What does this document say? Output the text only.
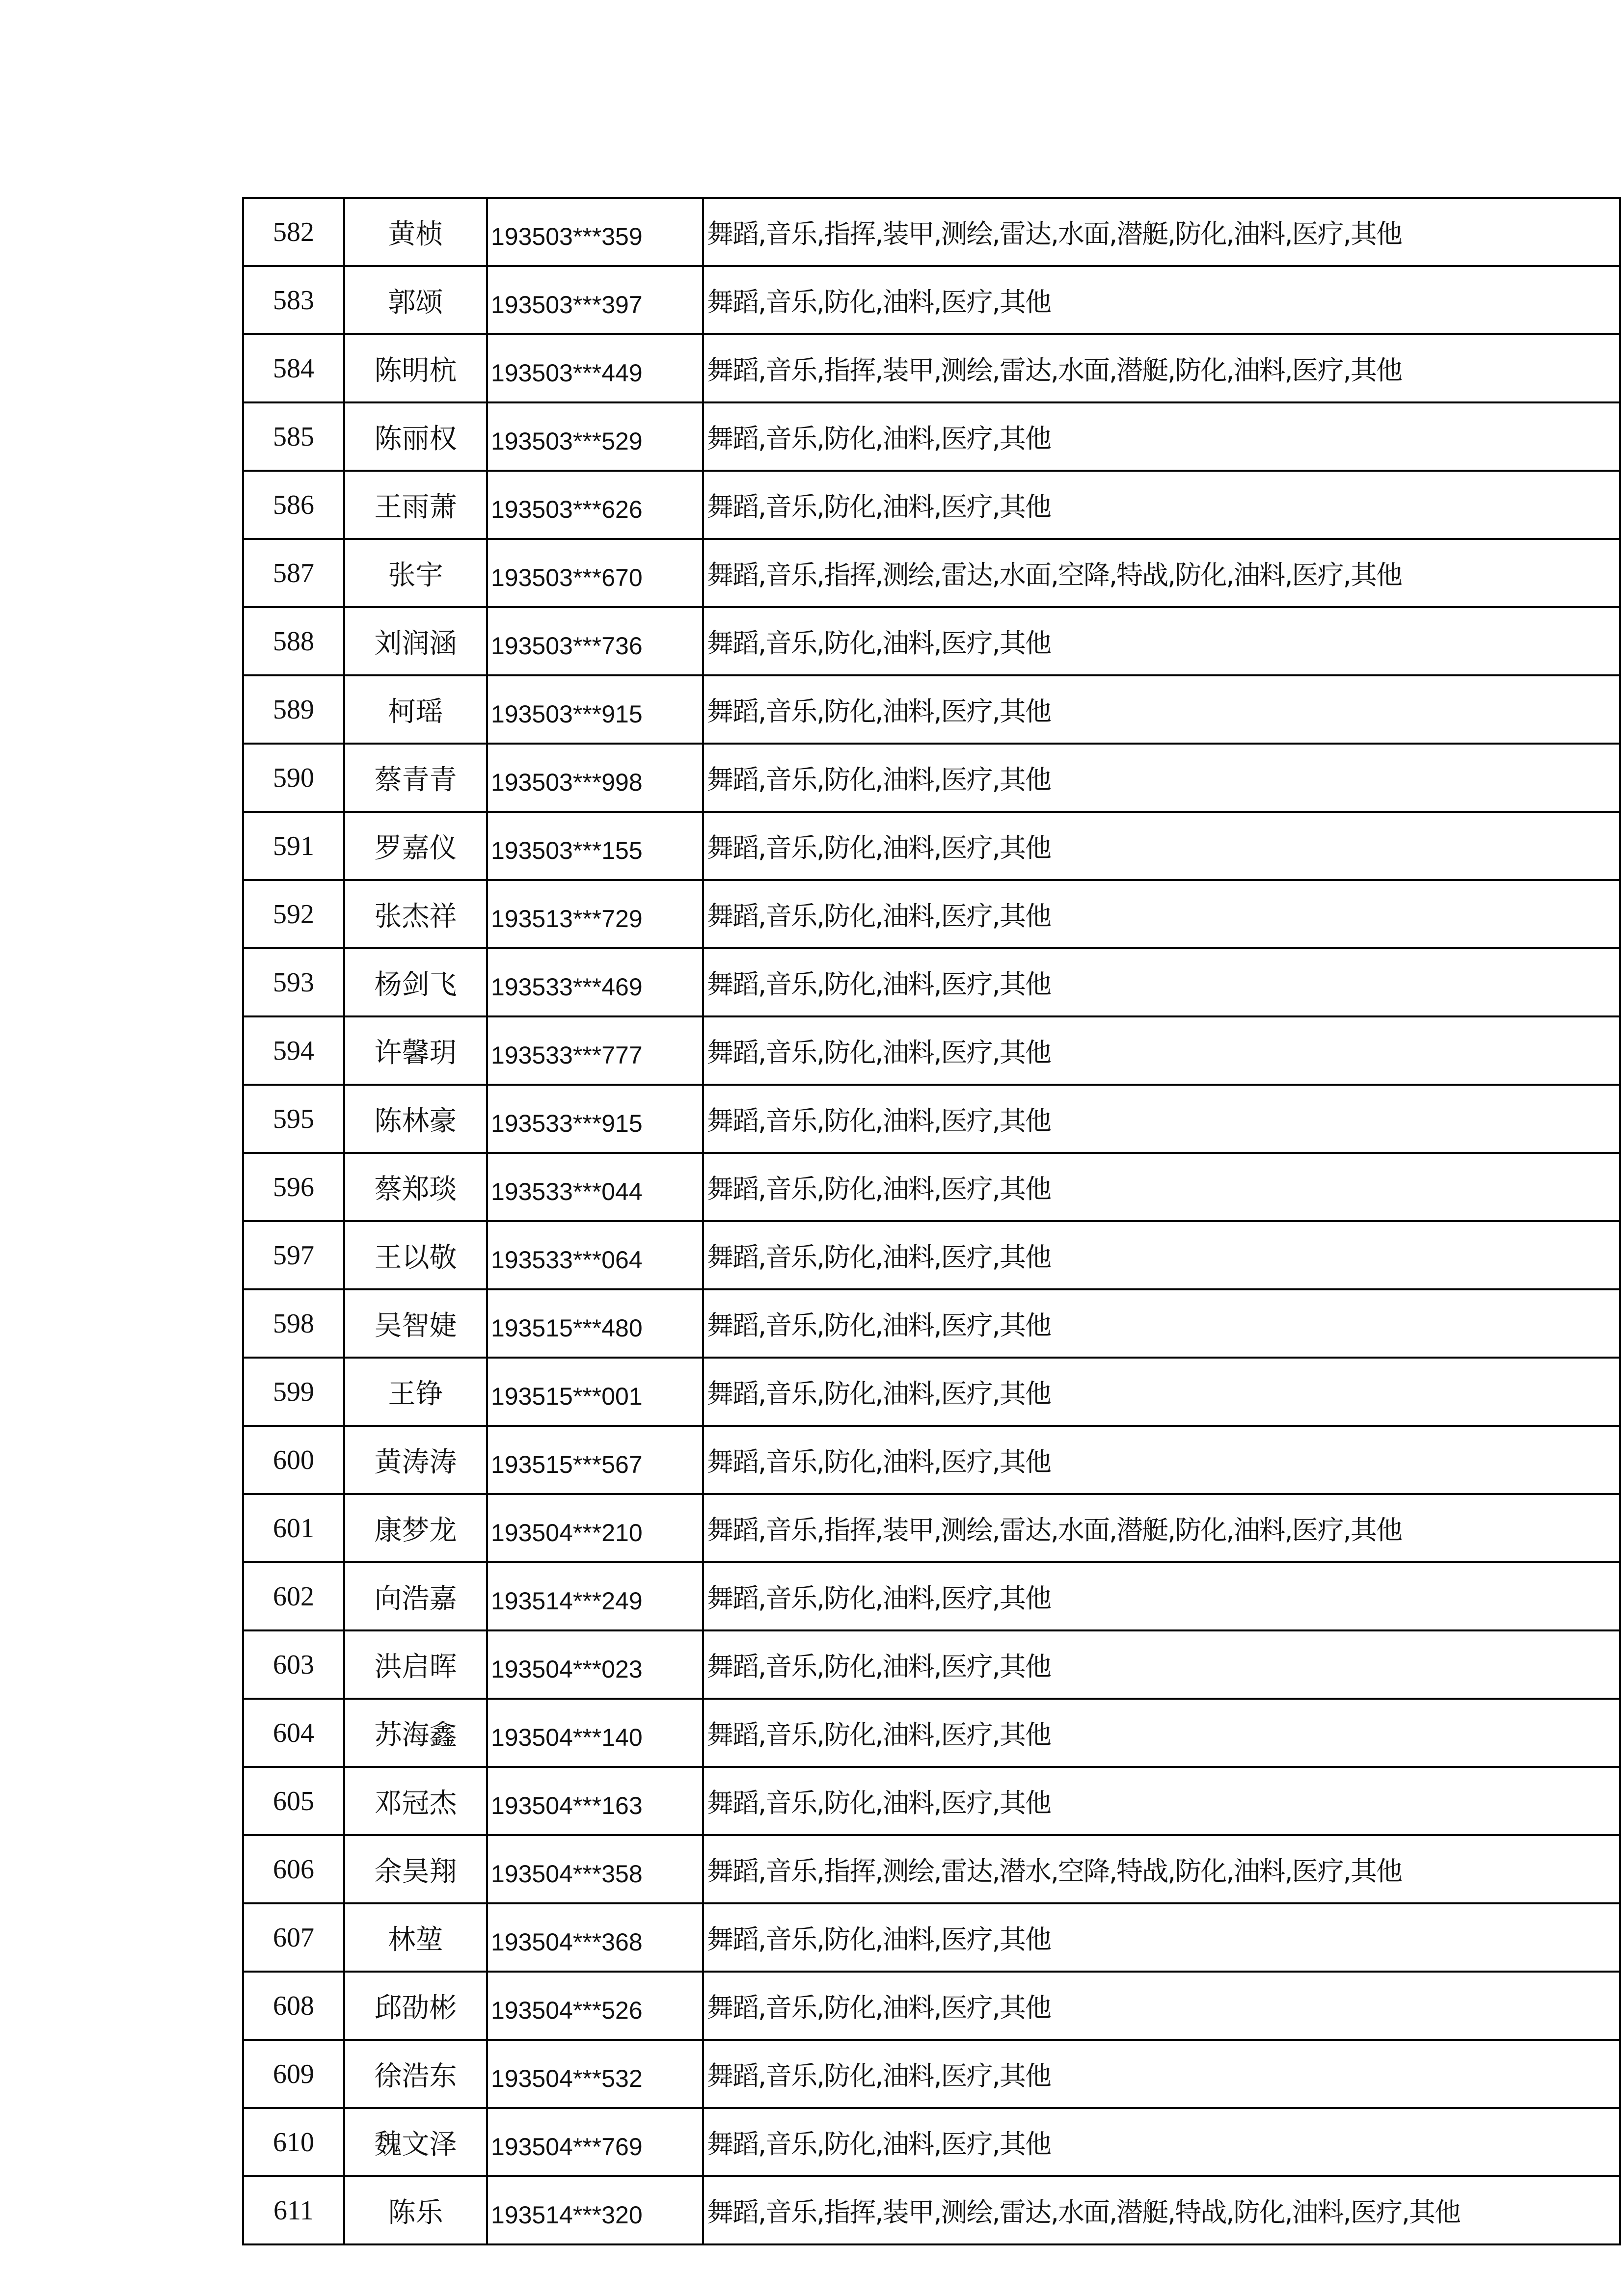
582	黄桢	193503***359	舞蹈,音乐,指挥,装甲,测绘,雷达,水面,潜艇,防化,油料,医疗,其他
583	郭颂	193503***397	舞蹈,音乐,防化,油料,医疗,其他
584	陈明杭	193503***449	舞蹈,音乐,指挥,装甲,测绘,雷达,水面,潜艇,防化,油料,医疗,其他
585	陈丽权	193503***529	舞蹈,音乐,防化,油料,医疗,其他
586	王雨萧	193503***626	舞蹈,音乐,防化,油料,医疗,其他
587	张宇	193503***670	舞蹈,音乐,指挥,测绘,雷达,水面,空降,特战,防化,油料,医疗,其他
588	刘润涵	193503***736	舞蹈,音乐,防化,油料,医疗,其他
589	柯瑶	193503***915	舞蹈,音乐,防化,油料,医疗,其他
590	蔡青青	193503***998	舞蹈,音乐,防化,油料,医疗,其他
591	罗嘉仪	193503***155	舞蹈,音乐,防化,油料,医疗,其他
592	张杰祥	193513***729	舞蹈,音乐,防化,油料,医疗,其他
593	杨剑飞	193533***469	舞蹈,音乐,防化,油料,医疗,其他
594	许馨玥	193533***777	舞蹈,音乐,防化,油料,医疗,其他
595	陈林豪	193533***915	舞蹈,音乐,防化,油料,医疗,其他
596	蔡郑琰	193533***044	舞蹈,音乐,防化,油料,医疗,其他
597	王以敬	193533***064	舞蹈,音乐,防化,油料,医疗,其他
598	吴智婕	193515***480	舞蹈,音乐,防化,油料,医疗,其他
599	王铮	193515***001	舞蹈,音乐,防化,油料,医疗,其他
600	黄涛涛	193515***567	舞蹈,音乐,防化,油料,医疗,其他
601	康梦龙	193504***210	舞蹈,音乐,指挥,装甲,测绘,雷达,水面,潜艇,防化,油料,医疗,其他
602	向浩嘉	193514***249	舞蹈,音乐,防化,油料,医疗,其他
603	洪启晖	193504***023	舞蹈,音乐,防化,油料,医疗,其他
604	苏海鑫	193504***140	舞蹈,音乐,防化,油料,医疗,其他
605	邓冠杰	193504***163	舞蹈,音乐,防化,油料,医疗,其他
606	余昊翔	193504***358	舞蹈,音乐,指挥,测绘,雷达,潜水,空降,特战,防化,油料,医疗,其他
607	林堃	193504***368	舞蹈,音乐,防化,油料,医疗,其他
608	邱劭彬	193504***526	舞蹈,音乐,防化,油料,医疗,其他
609	徐浩东	193504***532	舞蹈,音乐,防化,油料,医疗,其他
610	魏文泽	193504***769	舞蹈,音乐,防化,油料,医疗,其他
611	陈乐	193514***320	舞蹈,音乐,指挥,装甲,测绘,雷达,水面,潜艇,特战,防化,油料,医疗,其他
